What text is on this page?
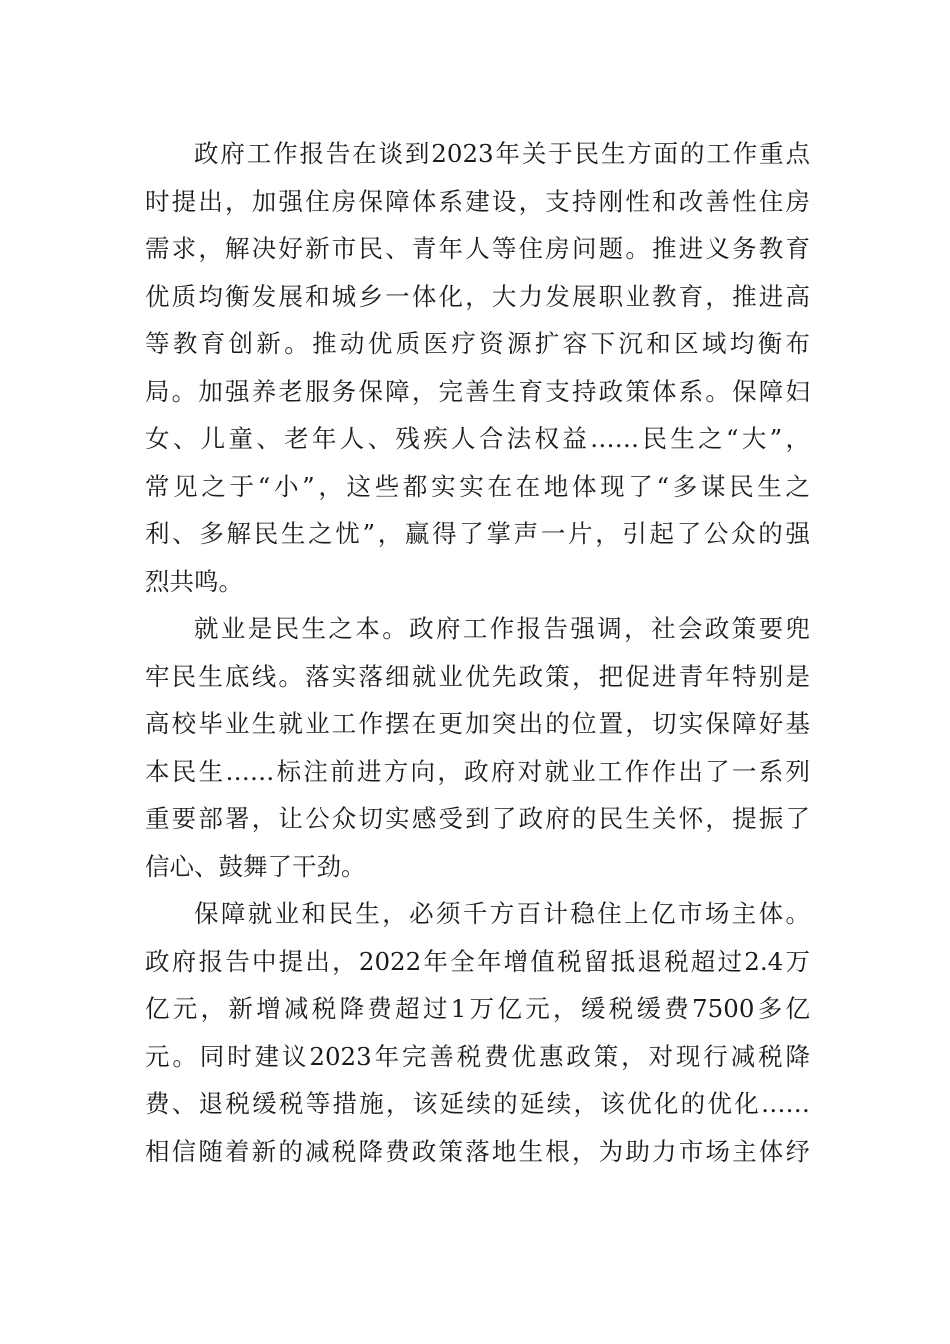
政府工作报告在谈到2023年关于民生方面的工作重点
时提出，加强住房保障体系建设，支持刚性和改善性住房
需求，解决好新市民、青年人等住房问题。推进义务教育
优质均衡发展和城乡一体化，大力发展职业教育，推进高
等教育创新。推动优质医疗资源扩容下沉和区域均衡布
局。加强养老服务保障，完善生育支持政策体系。保障妇
女、儿童、老年人、残疾人合法权益……民生之“大”，
常见之于“小”，这些都实实在在地体现了“多谋民生之
利、多解民生之忧”，赢得了掌声一片，引起了公众的强
烈共鸣。
就业是民生之本。政府工作报告强调，社会政策要兜
牢民生底线。落实落细就业优先政策，把促进青年特别是
高校毕业生就业工作摆在更加突出的位置，切实保障好基
本民生……标注前进方向，政府对就业工作作出了一系列
重要部署，让公众切实感受到了政府的民生关怀，提振了
信心、鼓舞了干劲。
保障就业和民生，必须千方百计稳住上亿市场主体。
政府报告中提出，2022年全年增值税留抵退税超过2.4万
亿元，新增减税降费超过1万亿元，缓税缓费7500多亿
元。同时建议2023年完善税费优惠政策，对现行减税降
费、退税缓税等措施，该延续的延续，该优化的优化……
相信随着新的减税降费政策落地生根，为助力市场主体纾
